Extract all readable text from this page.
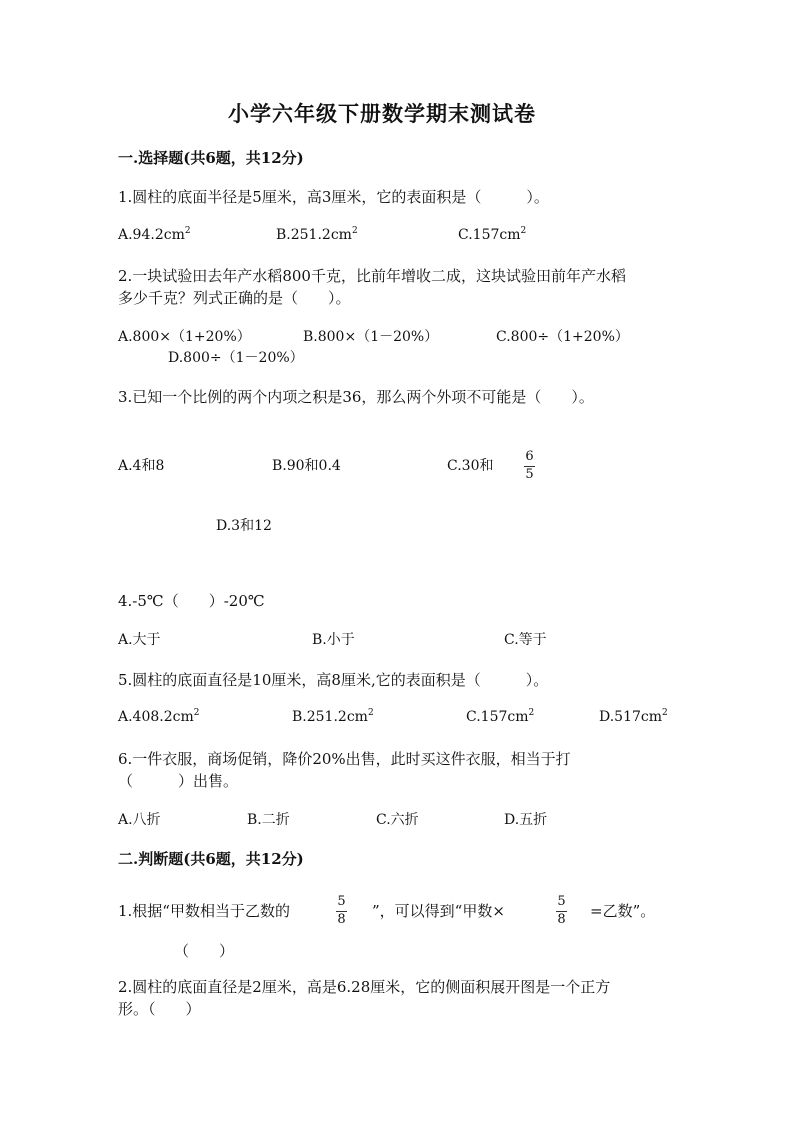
小学六年级下册数学期末测试卷
一.选择题(共6题，共12分)
1.圆柱的底面半径是5厘米，高3厘米，它的表面积是（　　　）。
$A.94.2cm^2$	$B.251.2cm^2$	$C.157cm^2$
2.一块试验田去年产水稻800千克，比前年增收二成，这块试验田前年产水稻
多少千克？列式正确的是（　　）。
A.800×（1+20%）	B.800×（1－20%）	C.800÷（1+20%）
D.800÷（1－20%）
3.已知一个比例的两个内项之积是36，那么两个外项不可能是（　　）。
A.4和8	B.90和0.4	C.30和
6
5
D.3和12
4.-5℃（　　）-20℃
A.大于	B.小于	C.等于
5.圆柱的底面直径是10厘米，高8厘米,它的表面积是（　　　）。
$A.408.2cm^2$	$B.251.2cm^2$	$C.157cm^2$	$D.517cm^2$
6.一件衣服，商场促销，降价20%出售，此时买这件衣服，相当于打
（　　　）出售。
A.八折	B.二折	C.六折	D.五折
二.判断题(共6题，共12分)
1.根据“甲数相当于乙数的
5
8 ”，可以得到“甲数×
5
8 =乙数”。
（　　）
2.圆柱的底面直径是2厘米，高是6.28厘米，它的侧面积展开图是一个正方
形。（　　）
